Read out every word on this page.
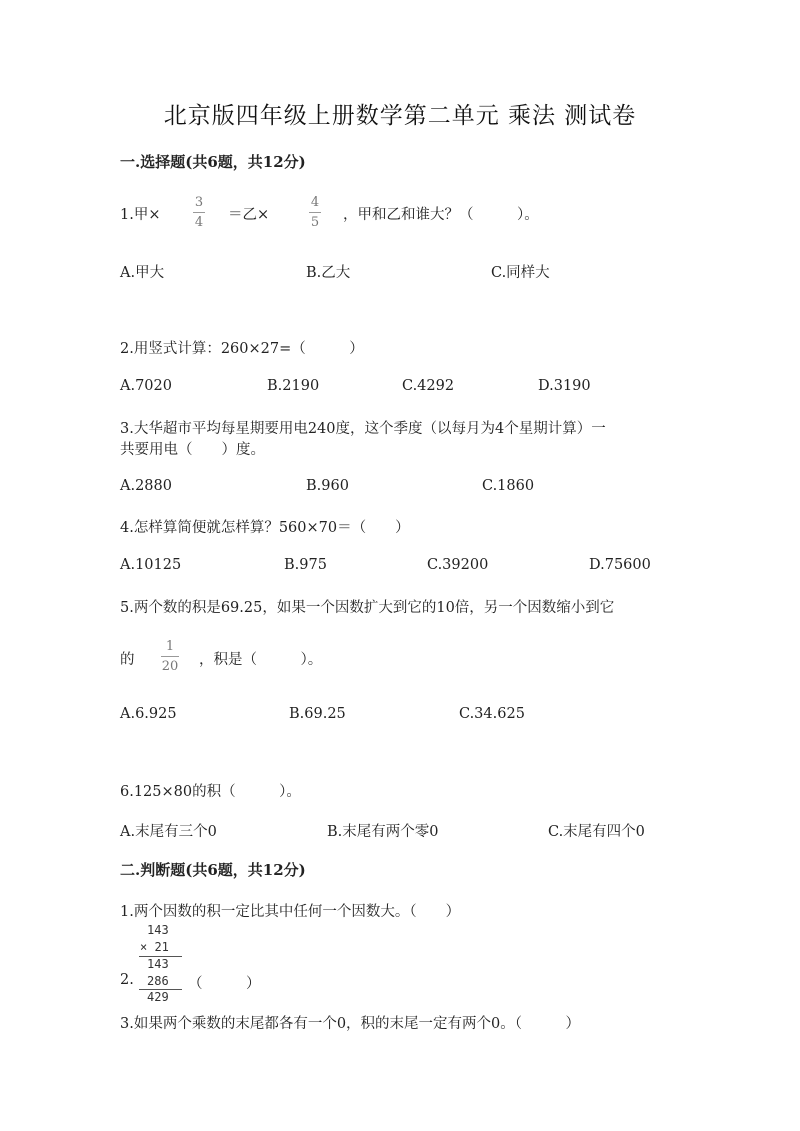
北京版四年级上册数学第二单元 乘法 测试卷
一.选择题(共6题，共12分)
1.甲×
3
4 ＝乙×
4
5 ，甲和乙和谁大？（　　　）。
A.甲大	B.乙大	C.同样大
2.用竖式计算：260×27=（　　　）
A.7020	B.2190	C.4292	D.3190
3.大华超市平均每星期要用电240度，这个季度（以每月为4个星期计算）一
共要用电（　　）度。
A.2880	B.960	C.1860
4.怎样算简便就怎样算？560×70＝（　　）
A.10125	B.975	C.39200	D.75600
5.两个数的积是69.25，如果一个因数扩大到它的10倍，另一个因数缩小到它
的
1
20 ，积是（　　　）。
A.6.925	B.69.25	C.34.625
6.125×80的积（　　　）。
A.末尾有三个0	B.末尾有两个零0	C.末尾有四个0
二.判断题(共6题，共12分)
1.两个因数的积一定比其中任何一个因数大。（　　）
143
× 21
143
2. 286
429
（　　　）
3.如果两个乘数的末尾都各有一个0，积的末尾一定有两个0。（　　　）
